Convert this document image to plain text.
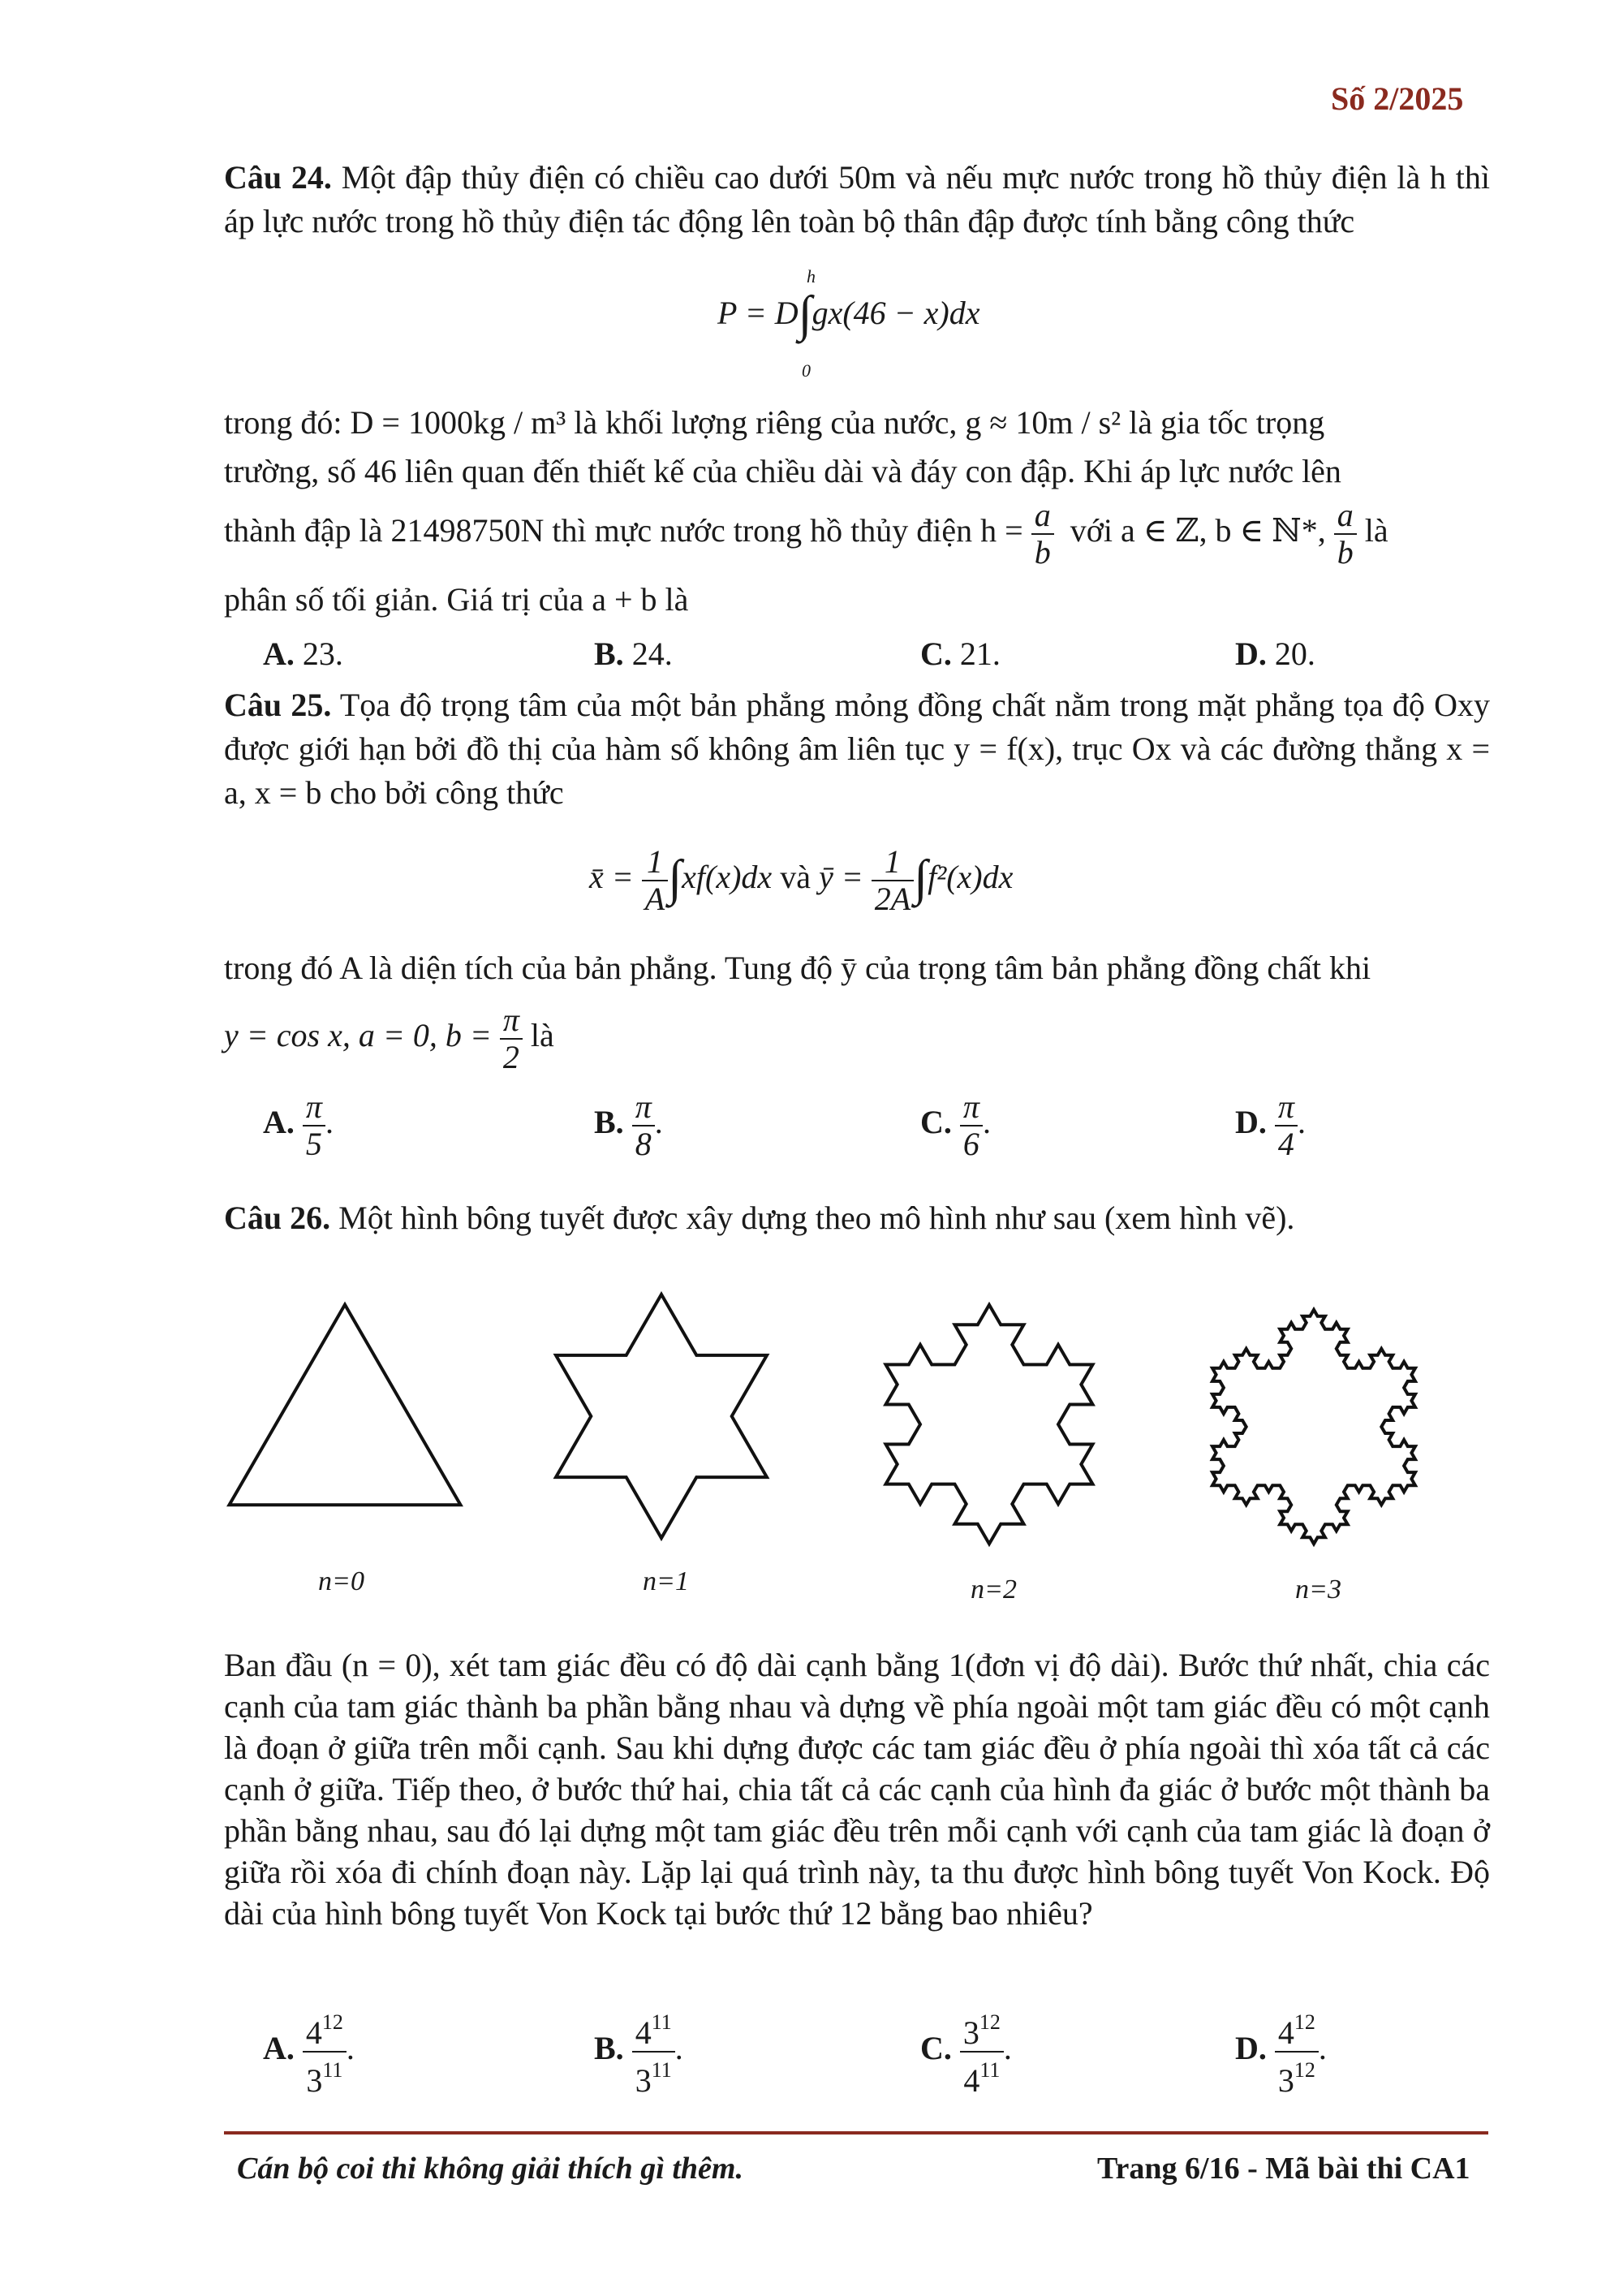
Số 2/2025
Câu 24. Một đập thủy điện có chiều cao dưới 50m và nếu mực nước trong hồ thủy điện là h thì áp lực nước trong hồ thủy điện tác động lên toàn bộ thân đập được tính bằng công thức
P = D∫gx(46 − x)dx
h
0
trong đó: D = 1000kg / m³ là khối lượng riêng của nước, g ≈ 10m / s² là gia tốc trọng
trường, số 46 liên quan đến thiết kế của chiều dài và đáy con đập. Khi áp lực nước lên
thành đập là 21498750N thì mực nước trong hồ thủy điện $h = \frac{a}{b}$ với a ∈ ℤ, b ∈ ℕ*, $\frac{a}{b}$ là
phân số tối giản. Giá trị của a + b là
A. 23.	B. 24.	C. 21.	D. 20.
Câu 25. Tọa độ trọng tâm của một bản phẳng mỏng đồng chất nằm trong mặt phẳng tọa độ Oxy được giới hạn bởi đồ thị của hàm số không âm liên tục y = f(x), trục Ox và các đường thẳng x = a, x = b cho bởi công thức
x̄ = $\frac{1}{A} \int xf(x)dx$ và ȳ = $\frac{1}{2A} \int f^2(x)dx$
trong đó A là diện tích của bản phẳng. Tung độ ȳ của trọng tâm bản phẳng đồng chất khi
y = cos x, a = 0, $b = \frac{\pi}{2}$ là
A. $\frac{\pi}{5}$ .	B. $\frac{\pi}{8}$ .	C. $\frac{\pi}{6}$ .	D. $\frac{\pi}{4}$ .
Câu 26. Một hình bông tuyết được xây dựng theo mô hình như sau (xem hình vẽ).
n=0	n=1	n=2	n=3
Ban đầu (n = 0), xét tam giác đều có độ dài cạnh bằng 1(đơn vị độ dài). Bước thứ nhất, chia các cạnh của tam giác thành ba phần bằng nhau và dựng về phía ngoài một tam giác đều có một cạnh là đoạn ở giữa trên mỗi cạnh. Sau khi dựng được các tam giác đều ở phía ngoài thì xóa tất cả các cạnh ở giữa. Tiếp theo, ở bước thứ hai, chia tất cả các cạnh của hình đa giác ở bước một thành ba phần bằng nhau, sau đó lại dựng một tam giác đều trên mỗi cạnh với cạnh của tam giác là đoạn ở giữa rồi xóa đi chính đoạn này. Lặp lại quá trình này, ta thu được hình bông tuyết Von Kock. Độ dài của hình bông tuyết Von Kock tại bước thứ 12 bằng bao nhiêu?
A. $\frac{4^{12}}{3^{11}}$ .	B. $\frac{4^{11}}{3^{11}}$ .	C. $\frac{3^{12}}{4^{11}}$ .	D. $\frac{4^{12}}{3^{12}}$ .
Cán bộ coi thi không giải thích gì thêm.	Trang 6/16 - Mã bài thi CA1
